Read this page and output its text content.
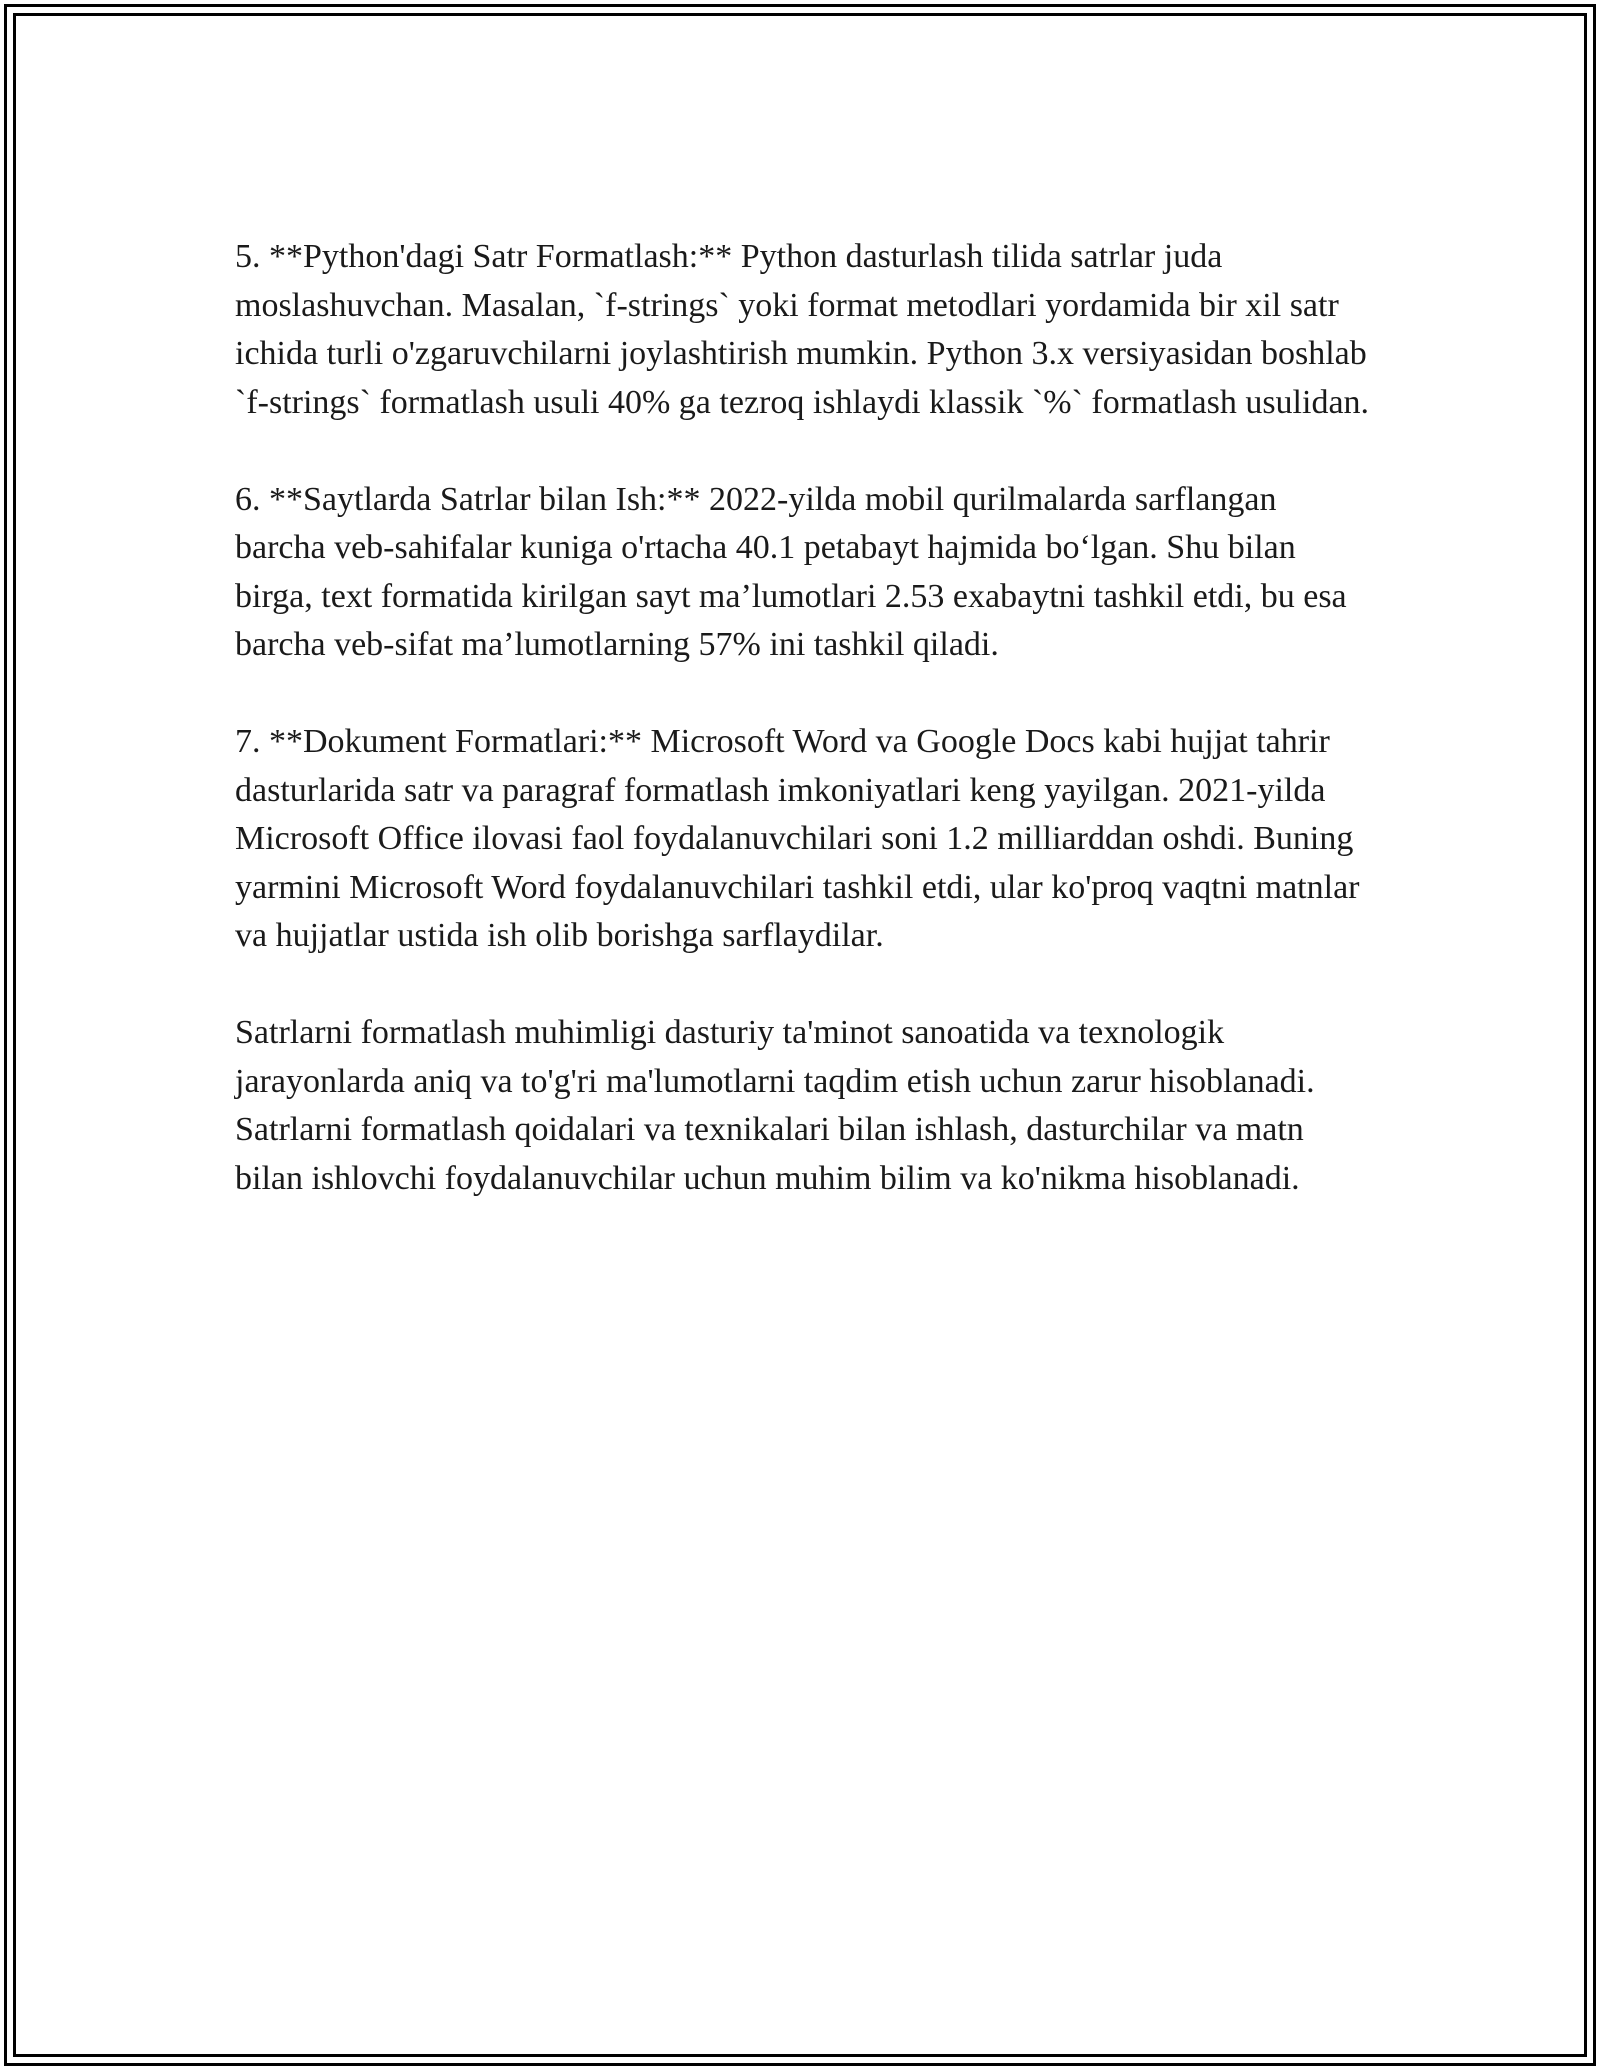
5. **Python'dagi Satr Formatlash:** Python dasturlash tilida satrlar juda moslashuvchan. Masalan, `f-strings` yoki format metodlari yordamida bir xil satr ichida turli o'zgaruvchilarni joylashtirish mumkin. Python 3.x versiyasidan boshlab `f-strings` formatlash usuli 40% ga tezroq ishlaydi klassik `%` formatlash usulidan.

6. **Saytlarda Satrlar bilan Ish:** 2022-yilda mobil qurilmalarda sarflangan barcha veb-sahifalar kuniga o'rtacha 40.1 petabayt hajmida bo‘lgan. Shu bilan birga, text formatida kirilgan sayt ma’lumotlari 2.53 exabaytni tashkil etdi, bu esa barcha veb-sifat ma’lumotlarning 57% ini tashkil qiladi.

7. **Dokument Formatlari:** Microsoft Word va Google Docs kabi hujjat tahrir dasturlarida satr va paragraf formatlash imkoniyatlari keng yayilgan. 2021-yilda Microsoft Office ilovasi faol foydalanuvchilari soni 1.2 milliarddan oshdi. Buning yarmini Microsoft Word foydalanuvchilari tashkil etdi, ular ko'proq vaqtni matnlar va hujjatlar ustida ish olib borishga sarflaydilar.

Satrlarni formatlash muhimligi dasturiy ta'minot sanoatida va texnologik jarayonlarda aniq va to'g'ri ma'lumotlarni taqdim etish uchun zarur hisoblanadi. Satrlarni formatlash qoidalari va texnikalari bilan ishlash, dasturchilar va matn bilan ishlovchi foydalanuvchilar uchun muhim bilim va ko'nikma hisoblanadi.
